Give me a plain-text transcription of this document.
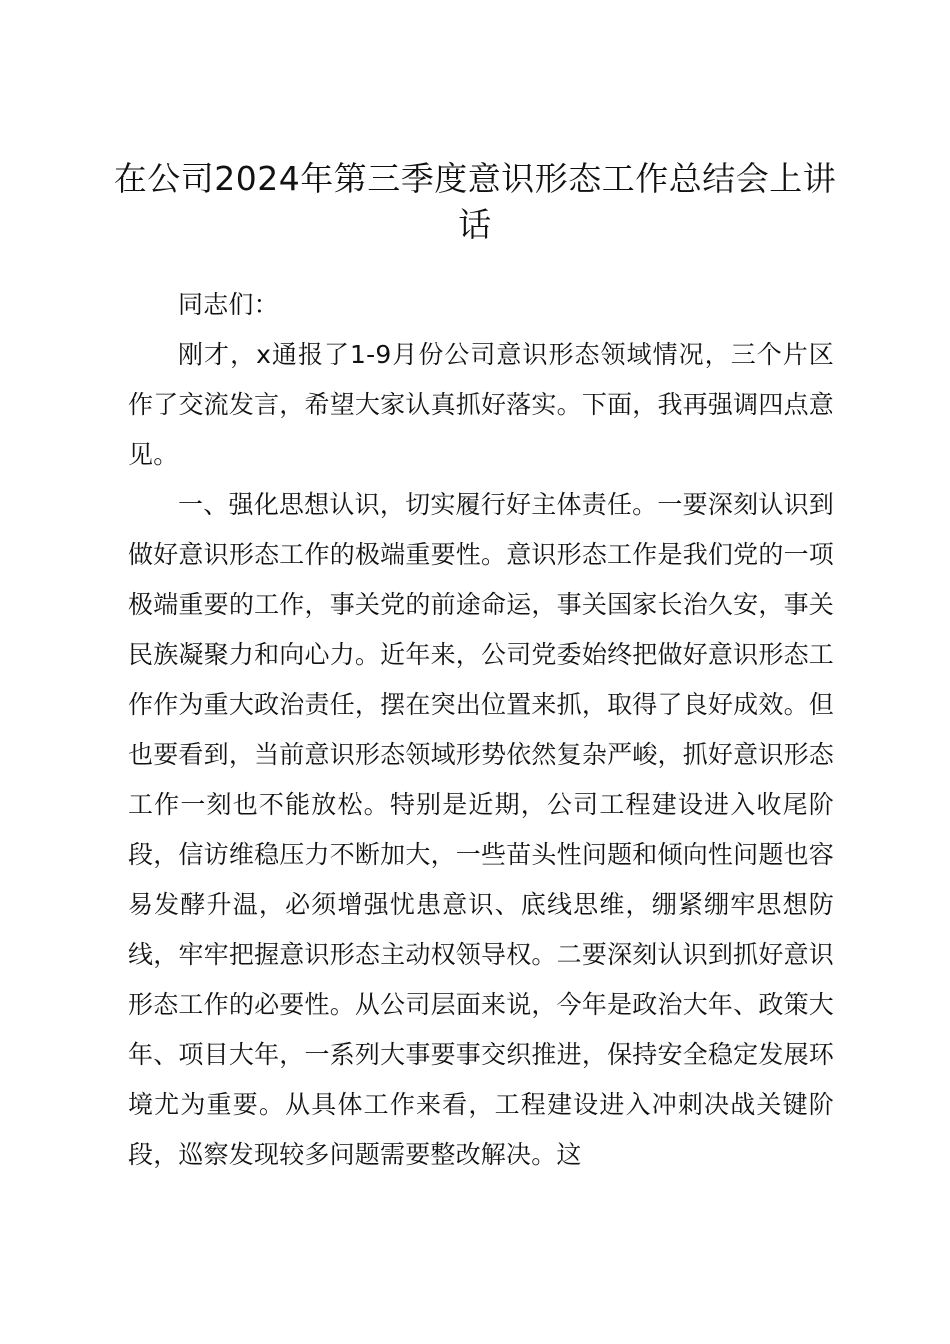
在公司2024年第三季度意识形态工作总结会上讲话

同志们：

刚才，x通报了1-9月份公司意识形态领域情况，三个片区作了交流发言，希望大家认真抓好落实。下面，我再强调四点意见。

一、强化思想认识，切实履行好主体责任。一要深刻认识到做好意识形态工作的极端重要性。意识形态工作是我们党的一项极端重要的工作，事关党的前途命运，事关国家长治久安，事关民族凝聚力和向心力。近年来，公司党委始终把做好意识形态工作作为重大政治责任，摆在突出位置来抓，取得了良好成效。但也要看到，当前意识形态领域形势依然复杂严峻，抓好意识形态工作一刻也不能放松。特别是近期，公司工程建设进入收尾阶段，信访维稳压力不断加大，一些苗头性问题和倾向性问题也容易发酵升温，必须增强忧患意识、底线思维，绷紧绷牢思想防线，牢牢把握意识形态主动权领导权。二要深刻认识到抓好意识形态工作的必要性。从公司层面来说，今年是政治大年、政策大年、项目大年，一系列大事要事交织推进，保持安全稳定发展环境尤为重要。从具体工作来看，工程建设进入冲刺决战关键阶段，巡察发现较多问题需要整改解决。这
